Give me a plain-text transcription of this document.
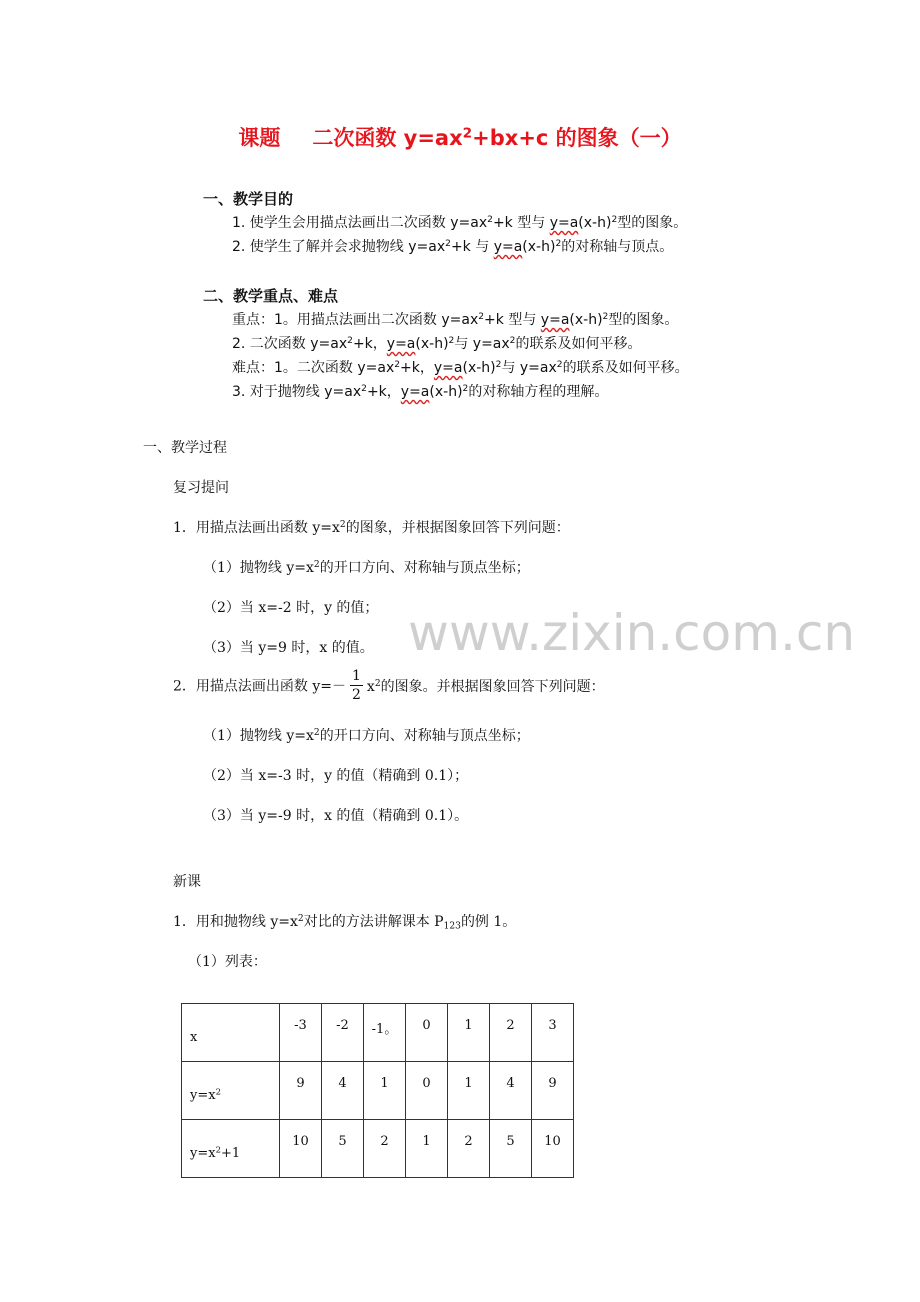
课题 二次函数 $y=ax^2+bx+c$ 的图象（一）
一、教学目的
1. 使学生会用描点法画出二次函数 $y=ax^2+k$ 型与 $y=a(x-h)^2$型的图象。
2. 使学生了解并会求抛物线 $y=ax^2+k$ 与 $y=a(x-h)^2$的对称轴与顶点。
二、教学重点、难点
重点：1。用描点法画出二次函数 $y=ax^2+k$ 型与 $y=a(x-h)^2$型的图象。
2. 二次函数 $y=ax^2+k$，$y=a(x-h)^2$与 $y=ax^2$的联系及如何平移。
难点：1。二次函数 $y=ax^2+k$，$y=a(x-h)^2$与 $y=ax^2$的联系及如何平移。
3. 对于抛物线 $y=ax^2+k$，$y=a(x-h)^2$的对称轴方程的理解。
一、教学过程
复习提问
1．用描点法画出函数 $y=x^2$的图象，并根据图象回答下列问题：
（1）抛物线 $y=x^2$的开口方向、对称轴与顶点坐标；
（2）当 x=-2 时，y 的值；
（3）当 y=9 时，x 的值。
2．用描点法画出函数 $y=- \frac{1}{2} x^2$的图象。并根据图象回答下列问题：
（1）抛物线 $y=x^2$的开口方向、对称轴与顶点坐标；
（2）当 x=-3 时，y 的值（精确到 0.1）；
（3）当 y=-9 时，x 的值（精确到 0.1）。
新课
1．用和抛物线 $y=x^2$对比的方法讲解课本 $P_{123}$的例 1。
（1）列表：
x	-3	-2	-1。	0	1	2	3
$y=x^2$	9	4	1	0	1	4	9
$y=x^2+1$	10	5	2	1	2	5	10
www.zixin.com.cn
